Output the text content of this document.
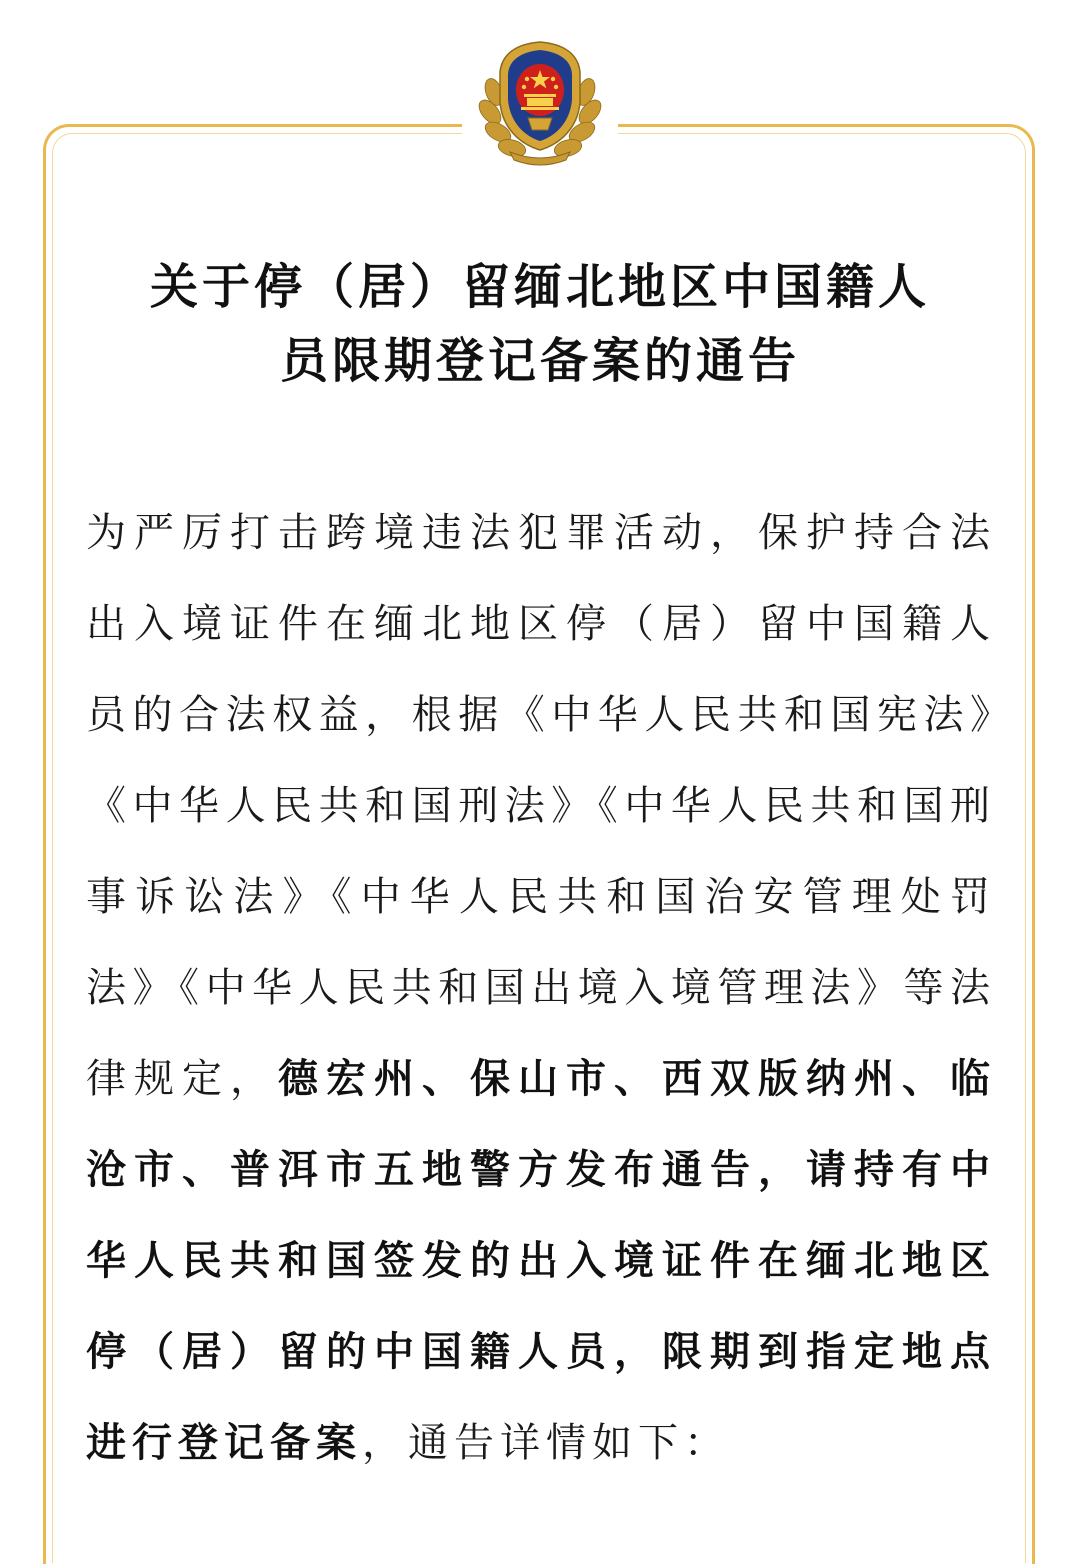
关于停（居）留缅北地区中国籍人
员限期登记备案的通告

为严厉打击跨境违法犯罪活动，保护持合法出入境证件在缅北地区停（居）留中国籍人员的合法权益，根据《中华人民共和国宪法》《中华人民共和国刑法》《中华人民共和国刑事诉讼法》《中华人民共和国治安管理处罚法》《中华人民共和国出境入境管理法》等法律规定，德宏州、保山市、西双版纳州、临沧市、普洱市五地警方发布通告，请持有中华人民共和国签发的出入境证件在缅北地区停（居）留的中国籍人员，限期到指定地点进行登记备案，通告详情如下：
